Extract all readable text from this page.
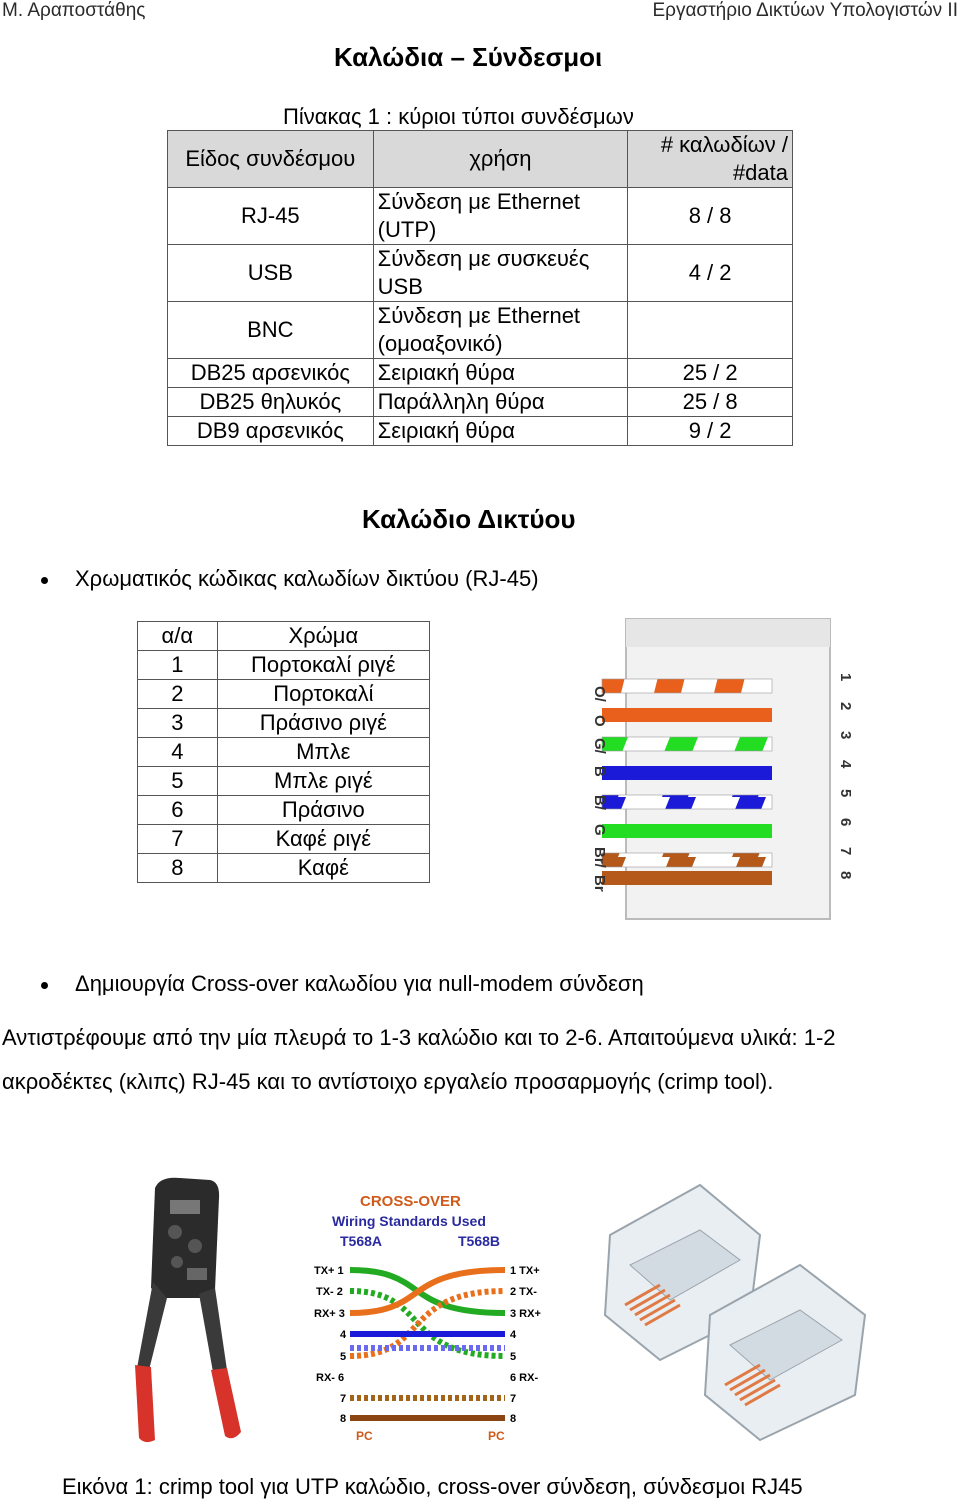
Μ. Αραποστάθης	Εργαστήριο Δικτύων Υπολογιστών ΙΙ
Καλώδια – Σύνδεσμοι
Πίνακας 1 : κύριοι τύποι συνδέσμων
Είδος συνδέσμου	χρήση	# καλωδίων / #data
RJ-45	Σύνδεση με Ethernet (UTP)	8 / 8
USB	Σύνδεση με συσκευές USB	4 / 2
BNC	Σύνδεση με Ethernet (ομοαξονικό)	
DB25 αρσενικός	Σειριακή θύρα	25 / 2
DB25 θηλυκός	Παράλληλη θύρα	25 / 8
DB9 αρσενικός	Σειριακή θύρα	9 / 2
Καλώδιο Δικτύου
Χρωματικός κώδικας καλωδίων δικτύου (RJ-45)
α/α	Χρώμα
1	Πορτοκαλί ριγέ
2	Πορτοκαλί
3	Πράσινο ριγέ
4	Μπλε
5	Μπλε ριγέ
6	Πράσινο
7	Καφέ ριγέ
8	Καφέ
O/
O
G/
B
B/
G
Br/
Br
1
2
3
4
5
6
7
8
Δημιουργία Cross-over καλωδίου για null-modem σύνδεση
Αντιστρέφουμε από την μία πλευρά το 1-3 καλώδιο και το 2-6. Απαιτούμενα υλικά: 1-2
ακροδέκτες (κλιπς) RJ-45 και το αντίστοιχο εργαλείο προσαρμογής (crimp tool).
CROSS-OVER
Wiring Standards Used
T568A	T568B
TX+ 1
TX- 2
RX+ 3
4
5
RX- 6
7
8
1 TX+
2 TX-
3 RX+
4
5
6 RX-
7
8
PC	PC
Εικόνα 1: crimp tool για UTP καλώδιο, cross-over σύνδεση, σύνδεσμοι RJ45
